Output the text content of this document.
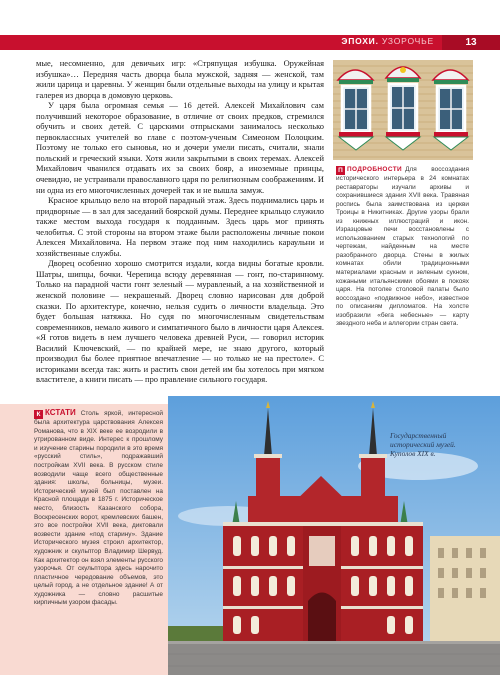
ЭПОХИ. УЗОРОЧЬЕ	13

мые, несомненно, для девичьих игр: «Стряпущая избушка. Оружейная избушка»… Передняя часть дворца была мужской, задняя — женской, там жили царица и царевны. У женщин были отдельные выходы на улицу и крытая галерея из дворца в домовую церковь.

У царя была огромная семья — 16 детей. Алексей Михайлович сам получивший некоторое образование, в отличие от своих предков, стремился обучить и своих детей. С царскими отпрысками занималось несколько первоклассных учителей во главе с поэтом-ученым Симеоном Полоцким. Поэтому не только его сыновья, но и дочери умели писать, считали, знали польский и греческий языки. Хотя жили закрытыми в своих теремах. Алексей Михайлович чванился отдавать их за своих бояр, а иноземные принцы, очевидно, не устраивали православного царя по религиозным соображениям. И ни одна из его многочисленных дочерей так и не вышла замуж.

Красное крыльцо вело на второй парадный этаж. Здесь поднимались царь и придворные — в зал для заседаний боярской думы. Переднее крыльцо служило также местом выхода государя к подданным. Здесь царь мог принять челобитья. С этой стороны на втором этаже были расположены личные покои Алексея Михайловича. На первом этаже под ним находились караульни и хозяйственные службы.

Дворец особенно хорошо смотрится издали, когда видны богатые кровли. Шатры, шипцы, бочки. Черепица всюду деревянная — гонт, по-старинному. Только на парадной части гонт зеленый — муравленый, а на хозяйственной и женской половине — некрашеный. Дворец словно нарисован для доброй сказки. По архитектуре, конечно, нельзя судить о личности владельца. Это будет большая натяжка. Но судя по многочисленным свидетельствам современников, немало живого и симпатичного было в личности царя Алексея. «Я готов видеть в нем лучшего человека древней Руси, — говорил историк Василий Ключевский, — по крайней мере, не знаю другого, который производил бы более приятное впечатление — но только не на престоле». С историками всегда так: жить и растить свои детей им бы хотелось при мягком властителе, а книги писать — про правление сильного государя.

П ПОДРОБНОСТИ Для воссоздания исторического интерьера в 24 комнатах реставраторы изучали архивы и сохранившиеся здания XVII века. Травяная роспись была заимствована из церкви Троицы в Никитниках. Другие узоры брали из книжных иллюстраций и икон. Изразцовые печи восстановлены с использованием старых технологий по чертежам, найденным на месте разобранного дворца. Стены в жилых комнатах обили традиционными материалами красным и зеленым сукном, кожаными итальянскими обоями в покоях царя. На потолке столовой палаты было воссоздано «подвижное небо», известное по описаниям дипломатов. На холсте изобразили «бега небесные» — карту звездного неба и аллегории стран света.
К КСТАТИ Столь яркой, интересной была архитектура царствования Алексея Романова, что в XIX веке ее возродили в утрированном виде. Интерес к прошлому и изучение старины породили в это время «русский стиль», подражавший постройкам XVII века. В русском стиле возводили чаще всего общественные здания: школы, больницы, музеи. Исторический музей был поставлен на Красной площади в 1875 г. Историческое место, близость Казанского собора, Воскресенских ворот, кремлевских башен, это все постройки XVII века, диктовали возвести здание «под старину». Здание Исторического музея строил архитектор, художник и скульптор Владимир Шервуд. Как архитектор он взял элементы русского узорочья. От скульптора здесь нарочито пластичное чередование объемов, это целый город, а не отдельное здание! А от художника — словно расшитые кирпичным узором фасады.
Государственный исторический музей. Куполов XIX в.
